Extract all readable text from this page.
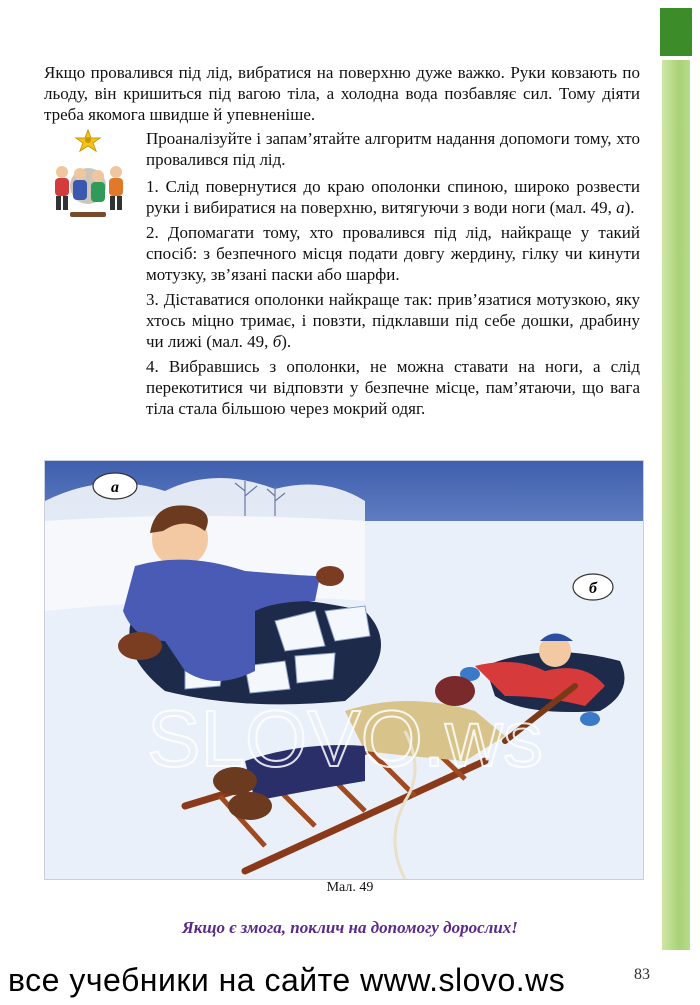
Якщо провалився під лід, вибратися на поверхню дуже важко. Руки ковзають по льоду, він кришиться під вагою тіла, а холодна вода позбавляє сил. Тому діяти треба якомога швидше й упевненіше.

Проаналізуйте і запам’ятайте алгоритм надання допомоги тому, хто провалився під лід.

1. Слід повернутися до краю ополонки спиною, широко розвести руки і вибиратися на поверхню, витягуючи з води ноги (мал. 49, а).

2. Допомагати тому, хто провалився під лід, найкраще у такий спосіб: з безпечного місця подати довгу жердину, гілку чи кинути мотузку, зв’язані паски або шарфи.

3. Діставатися ополонки найкраще так: прив’язатися мотузкою, яку хтось міцно тримає, і повзти, підклавши під себе дошки, драбину чи лижі (мал. 49, б).

4. Вибравшись з ополонки, не можна ставати на ноги, а слід перекотитися чи відповзти у безпечне місце, пам’ятаючи, що вага тіла стала більшою через мокрий одяг.

а
б
SLOVO.ws
Мал. 49
Якщо є змога, поклич на допомогу дорослих!
все учебники на сайте www.slovo.ws	83
